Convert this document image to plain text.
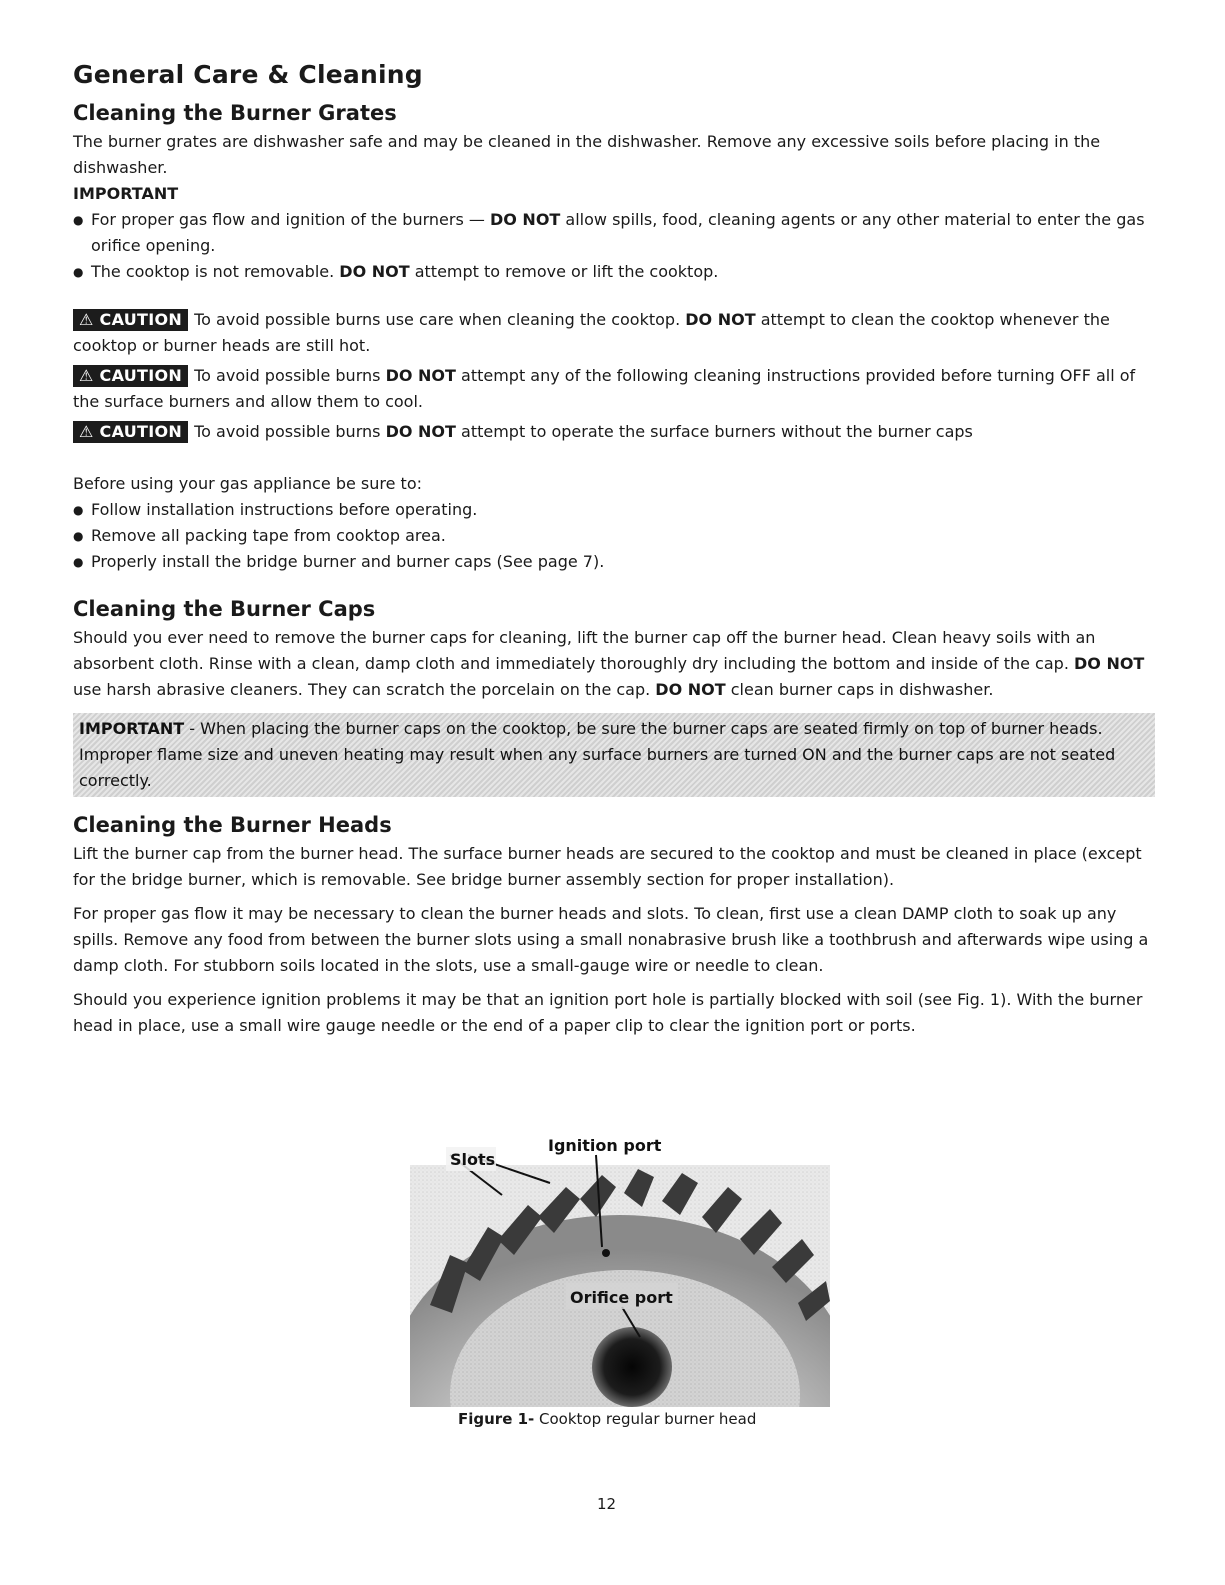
General Care & Cleaning
Cleaning the Burner Grates

The burner grates are dishwasher safe and may be cleaned in the dishwasher. Remove any excessive soils before placing in the dishwasher.

IMPORTANT
● For proper gas flow and ignition of the burners — DO NOT allow spills, food, cleaning agents or any other material to enter the gas orifice opening.
● The cooktop is not removable. DO NOT attempt to remove or lift the cooktop.

⚠ CAUTION To avoid possible burns use care when cleaning the cooktop. DO NOT attempt to clean the cooktop whenever the cooktop or burner heads are still hot.

⚠ CAUTION To avoid possible burns DO NOT attempt any of the following cleaning instructions provided before turning OFF all of the surface burners and allow them to cool.

⚠ CAUTION To avoid possible burns DO NOT attempt to operate the surface burners without the burner caps

Before using your gas appliance be sure to:

● Follow installation instructions before operating.
● Remove all packing tape from cooktop area.
● Properly install the bridge burner and burner caps (See page 7).
Cleaning the Burner Caps

Should you ever need to remove the burner caps for cleaning, lift the burner cap off the burner head. Clean heavy soils with an absorbent cloth. Rinse with a clean, damp cloth and immediately thoroughly dry including the bottom and inside of the cap. DO NOT use harsh abrasive cleaners. They can scratch the porcelain on the cap. DO NOT clean burner caps in dishwasher.

IMPORTANT - When placing the burner caps on the cooktop, be sure the burner caps are seated firmly on top of burner heads. Improper flame size and uneven heating may result when any surface burners are turned ON and the burner caps are not seated correctly.
Cleaning the Burner Heads

Lift the burner cap from the burner head. The surface burner heads are secured to the cooktop and must be cleaned in place (except for the bridge burner, which is removable. See bridge burner assembly section for proper installation).

For proper gas flow it may be necessary to clean the burner heads and slots. To clean, first use a clean DAMP cloth to soak up any spills. Remove any food from between the burner slots using a small nonabrasive brush like a toothbrush and afterwards wipe using a damp cloth. For stubborn soils located in the slots, use a small-gauge wire or needle to clean.

Should you experience ignition problems it may be that an ignition port hole is partially blocked with soil (see Fig. 1). With the burner head in place, use a small wire gauge needle or the end of a paper clip to clear the ignition port or ports.

Slots
Ignition port
Orifice port
Figure 1- Cooktop regular burner head
12
